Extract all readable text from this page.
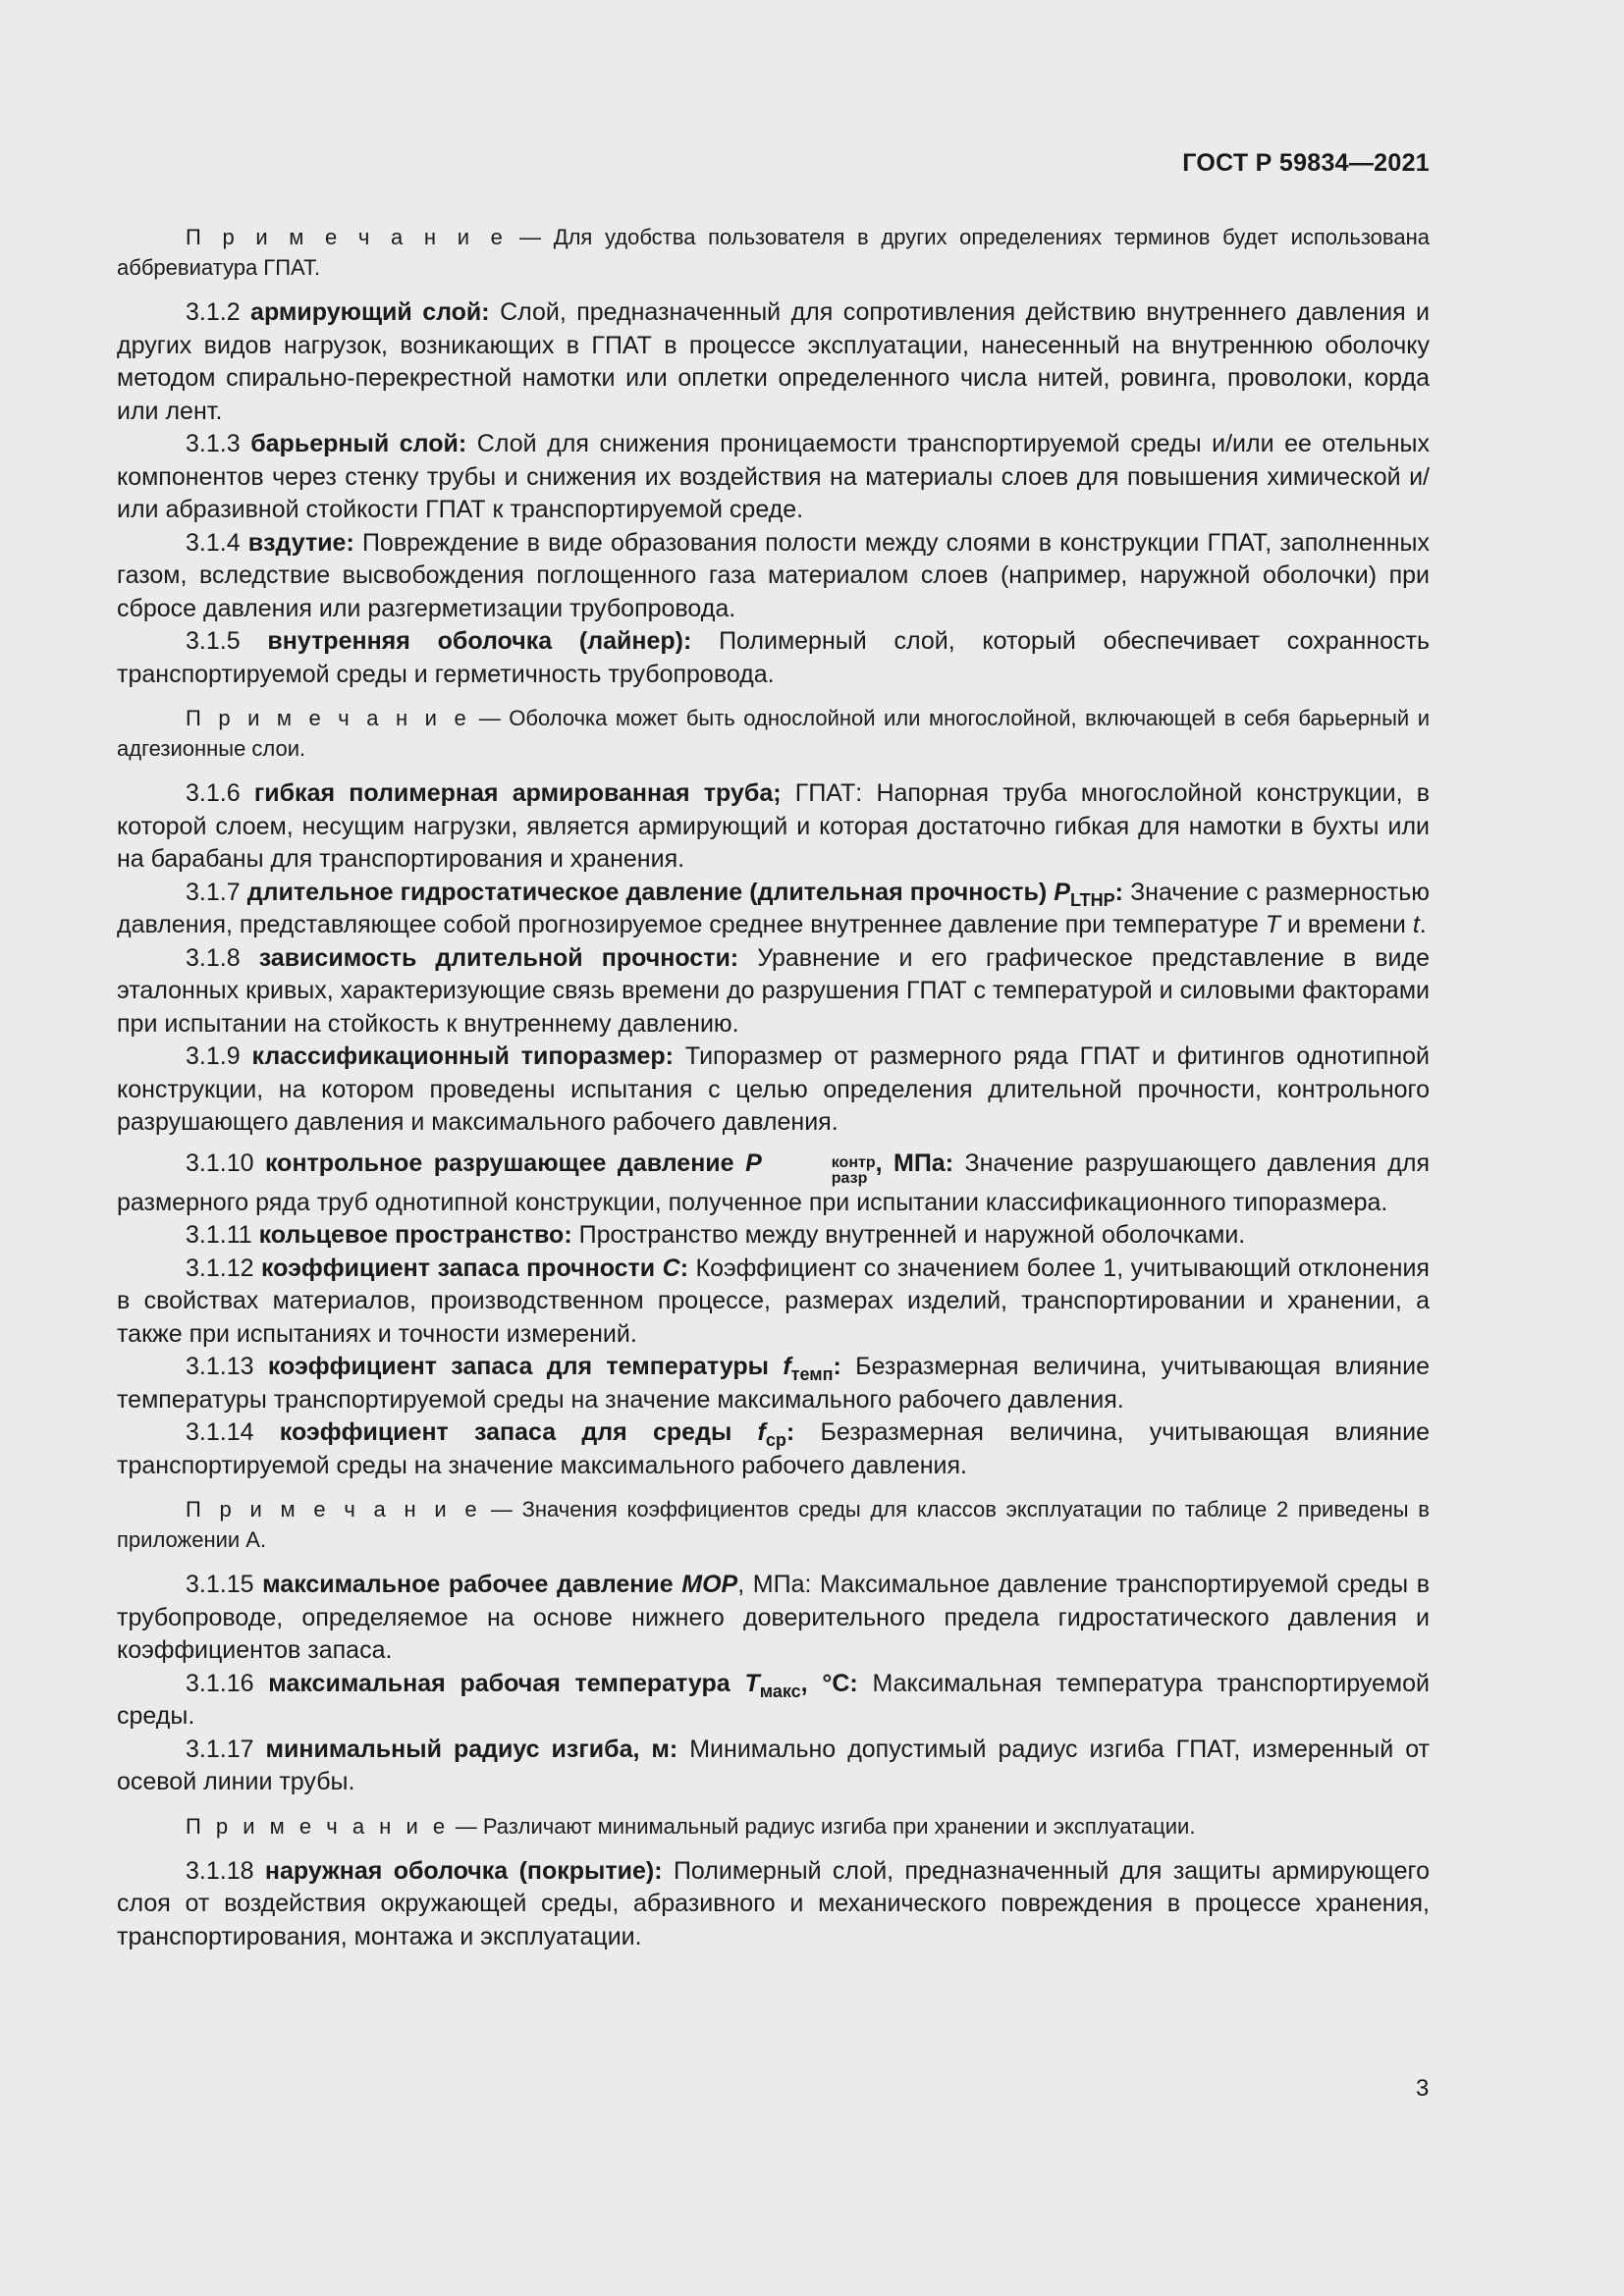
ГОСТ Р 59834—2021

П р и м е ч а н и е — Для удобства пользователя в других определениях терминов будет использована аббревиатура ГПАТ.

3.1.2 армирующий слой: Слой, предназначенный для сопротивления действию внутреннего давления и других видов нагрузок, возникающих в ГПАТ в процессе эксплуатации, нанесенный на внутреннюю оболочку методом спирально-перекрестной намотки или оплетки определенного числа нитей, ровинга, проволоки, корда или лент.

3.1.3 барьерный слой: Слой для снижения проницаемости транспортируемой среды и/или ее отельных компонентов через стенку трубы и снижения их воздействия на материалы слоев для повышения химической и/или абразивной стойкости ГПАТ к транспортируемой среде.

3.1.4 вздутие: Повреждение в виде образования полости между слоями в конструкции ГПАТ, заполненных газом, вследствие высвобождения поглощенного газа материалом слоев (например, наружной оболочки) при сбросе давления или разгерметизации трубопровода.

3.1.5 внутренняя оболочка (лайнер): Полимерный слой, который обеспечивает сохранность транспортируемой среды и герметичность трубопровода.

П р и м е ч а н и е — Оболочка может быть однослойной или многослойной, включающей в себя барьерный и адгезионные слои.

3.1.6 гибкая полимерная армированная труба; ГПАТ: Напорная труба многослойной конструкции, в которой слоем, несущим нагрузки, является армирующий и которая достаточно гибкая для намотки в бухты или на барабаны для транспортирования и хранения.

3.1.7 длительное гидростатическое давление (длительная прочность) $P_{LTHP}$: Значение с размерностью давления, представляющее собой прогнозируемое среднее внутреннее давление при температуре T и времени t.

3.1.8 зависимость длительной прочности: Уравнение и его графическое представление в виде эталонных кривых, характеризующие связь времени до разрушения ГПАТ с температурой и силовыми факторами при испытании на стойкость к внутреннему давлению.

3.1.9 классификационный типоразмер: Типоразмер от размерного ряда ГПАТ и фитингов однотипной конструкции, на котором проведены испытания с целью определения длительной прочности, контрольного разрушающего давления и максимального рабочего давления.

3.1.10 контрольное разрушающее давление P	контр
разр
, МПа: Значение разрушающего давления для размерного ряда труб однотипной конструкции, полученное при испытании классификационного типоразмера.

3.1.11 кольцевое пространство: Пространство между внутренней и наружной оболочками.

3.1.12 коэффициент запаса прочности C: Коэффициент со значением более 1, учитывающий отклонения в свойствах материалов, производственном процессе, размерах изделий, транспортировании и хранении, а также при испытаниях и точности измерений.

3.1.13 коэффициент запаса для температуры $f_{темп}$: Безразмерная величина, учитывающая влияние температуры транспортируемой среды на значение максимального рабочего давления.

3.1.14 коэффициент запаса для среды $f_{ср}$: Безразмерная величина, учитывающая влияние транспортируемой среды на значение максимального рабочего давления.

П р и м е ч а н и е — Значения коэффициентов среды для классов эксплуатации по таблице 2 приведены в приложении А.

3.1.15 максимальное рабочее давление MOP, МПа: Максимальное давление транспортируемой среды в трубопроводе, определяемое на основе нижнего доверительного предела гидростатического давления и коэффициентов запаса.

3.1.16 максимальная рабочая температура $T_{макс}$, °С: Максимальная температура транспортируемой среды.

3.1.17 минимальный радиус изгиба, м: Минимально допустимый радиус изгиба ГПАТ, измеренный от осевой линии трубы.

П р и м е ч а н и е — Различают минимальный радиус изгиба при хранении и эксплуатации.

3.1.18 наружная оболочка (покрытие): Полимерный слой, предназначенный для защиты армирующего слоя от воздействия окружающей среды, абразивного и механического повреждения в процессе хранения, транспортирования, монтажа и эксплуатации.

3
